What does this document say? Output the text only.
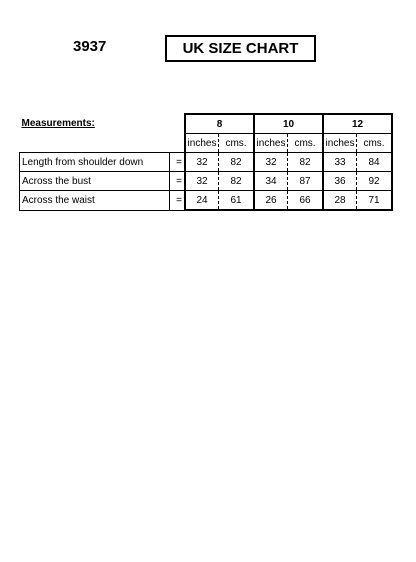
3937	UK SIZE CHART
Measurements:		8		10		12	
		inches	cms.	inches	cms.	inches	cms.
Length from shoulder down	=	32	82	32	82	33	84
Across the bust	=	32	82	34	87	36	92
Across the waist	=	24	61	26	66	28	71
